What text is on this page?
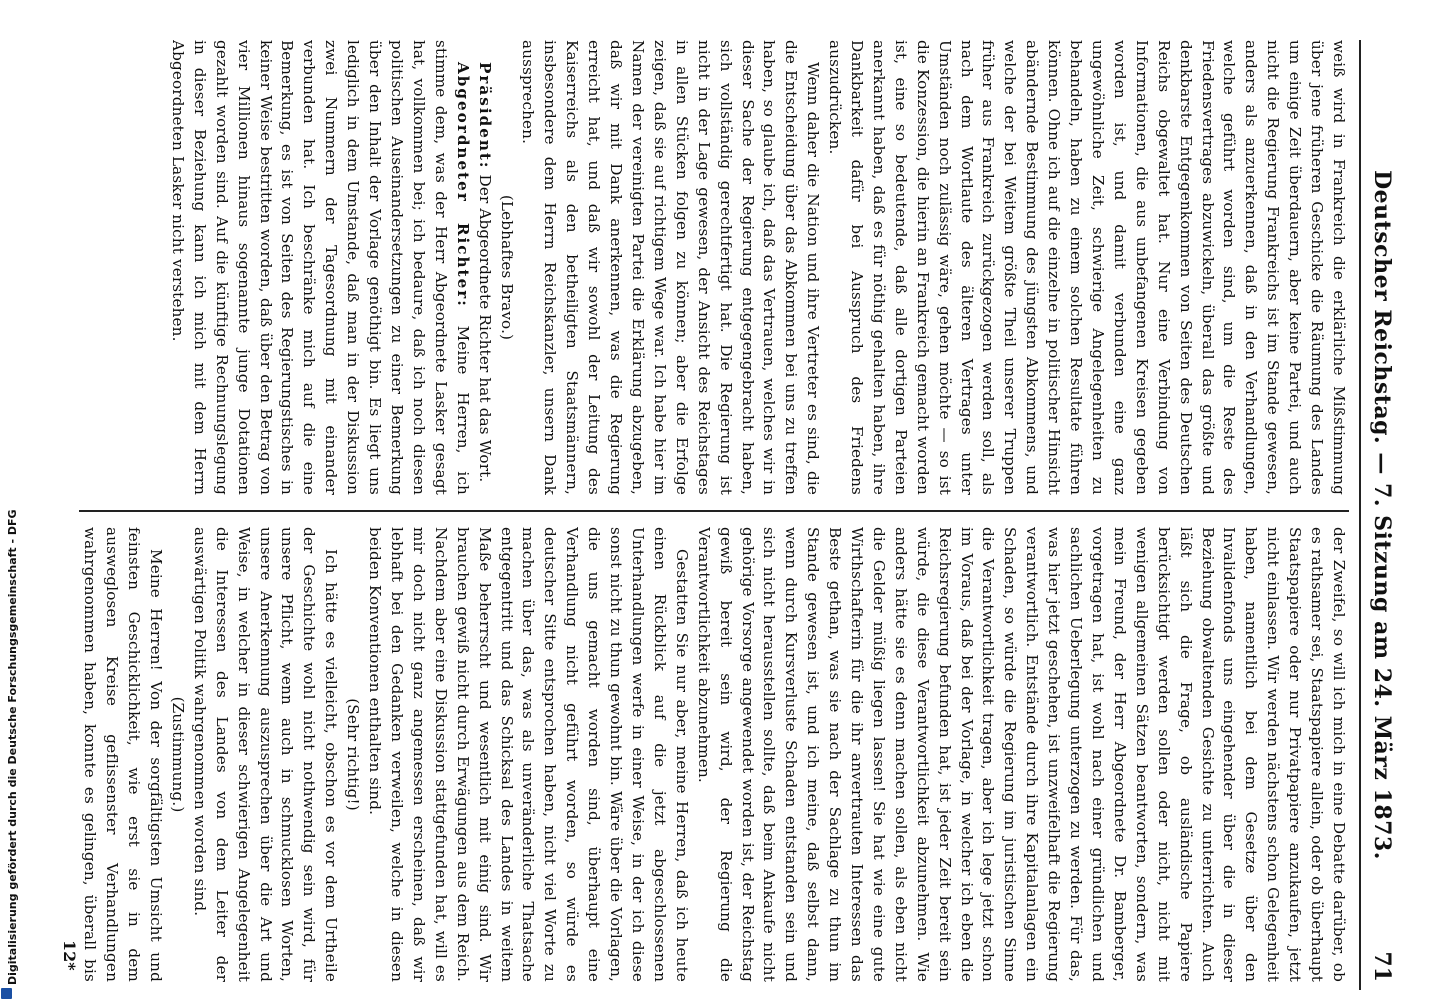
Deutscher Reichstag. — 7. Sitzung am 24. März 1873.
71

weiß wird in Frankreich die erklärliche Mißstimmung über jene früheren Geschicke die Räumung des Landes um einige Zeit überdauern, aber keine Partei, und auch nicht die Regierung Frankreichs ist im Stande gewesen, anders als anzuerkennen, daß in den Verhandlungen, welche geführt worden sind, um die Reste des Friedensvertrages abzuwickeln, überall das größte und denkbarste Entgegenkommen von Seiten des Deutschen Reichs obgewaltet hat. Nur eine Verbindung von Informationen, die aus unbefangenen Kreisen gegeben worden ist, und damit verbunden eine ganz ungewöhnliche Zeit, schwierige Angelegenheiten zu behandeln, haben zu einem solchen Resultate führen können. Ohne ich auf die einzelne in politischer Hinsicht abändernde Bestimmung des jüngsten Abkommens, und welche der bei Weitem größte Theil unserer Truppen früher aus Frankreich zurückgezogen werden soll, als nach dem Wortlaute des älteren Vertrages unter Umständen noch zulässig wäre, gehen möchte — so ist die Konzession, die hierin an Frankreich gemacht worden ist, eine so bedeutende, daß alle dortigen Parteien anerkannt haben, daß es für nöthig gehalten haben, ihre Dankbarkeit dafür bei Ausspruch des Friedens auszudrücken.

Wenn daher die Nation und ihre Vertreter es sind, die die Entscheidung über das Abkommen bei uns zu treffen haben, so glaube ich, daß das Vertrauen, welches wir in dieser Sache der Regierung entgegengebracht haben, sich vollständig gerechtfertigt hat. Die Regierung ist nicht in der Lage gewesen, der Ansicht des Reichstages in allen Stücken folgen zu können; aber die Erfolge zeigen, daß sie auf richtigem Wege war. Ich habe hier im Namen der vereinigten Partei die Erklärung abzugeben, daß wir mit Dank anerkennen, was die Regierung erreicht hat, und daß wir sowohl der Leitung des Kaiserreichs als den betheiligten Staatsmännern, insbesondere dem Herrn Reichskanzler, unsern Dank aussprechen.

(Lebhaftes Bravo.)

Präsident: Der Abgeordnete Richter hat das Wort.

Abgeordneter Richter: Meine Herren, ich stimme dem, was der Herr Abgeordnete Lasker gesagt hat, vollkommen bei; ich bedaure, daß ich noch diesen politischen Auseinandersetzungen zu einer Bemerkung über den Inhalt der Vorlage genöthigt bin. Es liegt uns lediglich in dem Umstande, daß man in der Diskussion zwei Nummern der Tagesordnung mit einander verbunden hat. Ich beschränke mich auf die eine Bemerkung, es ist von Seiten des Regierungstisches in keiner Weise bestritten worden, daß über den Betrag von vier Millionen hinaus sogenannte junge Dotationen gezahlt worden sind. Auf die künftige Rechnungslegung in dieser Beziehung kann ich mich mit dem Herrn Abgeordneten Lasker nicht verstehen.

der Zweifel, so will ich mich in eine Debatte darüber, ob es rathsamer sei, Staatspapiere allein, oder ob überhaupt Staatspapiere oder nur Privatpapiere anzukaufen, jetzt nicht einlassen. Wir werden nächstens schon Gelegenheit haben, namentlich bei dem Gesetze über den Invalidenfonds uns eingehender über die in dieser Beziehung obwaltenden Gesichte zu unterrichten. Auch läßt sich die Frage, ob ausländische Papiere berücksichtigt werden sollen oder nicht, nicht mit wenigen allgemeinen Sätzen beantworten, sondern, was mein Freund, der Herr Abgeordnete Dr. Bamberger, vorgetragen hat, ist wohl nach einer gründlichen und sachlichen Ueberlegung unterzogen zu werden. Für das, was hier jetzt geschehen, ist unzweifelhaft die Regierung verantwortlich. Entstände durch ihre Kapitalanlagen ein Schaden, so würde die Regierung im juristischen Sinne die Verantwortlichkeit tragen, aber ich lege jetzt schon im Voraus, daß bei der Vorlage, in welcher ich eben die Reichsregierung befunden hat, ist jeder Zeit bereit sein würde, die diese Verantwortlichkeit abzunehmen. Wie anders hätte sie es denn machen sollen, als eben nicht die Gelder müßig liegen lassen! Sie hat wie eine gute Wirthschafterin für die ihr anvertrauten Interessen das Beste gethan, was sie nach der Sachlage zu thun im Stande gewesen ist, und ich meine, daß selbst dann, wenn durch Kursverluste Schaden entstanden sein und sich nicht herausstellen sollte, daß beim Ankaufe nicht gehörige Vorsorge angewendet worden ist, der Reichstag gewiß bereit sein wird, der Regierung die Verantwortlichkeit abzunehmen.

Gestatten Sie nur aber, meine Herren, daß ich heute einen Rückblick auf die jetzt abgeschlossenen Unterhandlungen werfe in einer Weise, in der ich diese sonst nicht zu thun gewohnt bin. Wäre über die Vorlagen, die uns gemacht worden sind, überhaupt eine Verhandlung nicht geführt worden, so würde es deutscher Sitte entsprochen haben, nicht viel Worte zu machen über das, was als unveränderliche Thatsache entgegentritt und das Schicksal des Landes in weitem Maße beherrscht und wesentlich mit einig sind. Wir brauchen gewiß nicht durch Erwägungen aus dem Reich. Nachdem aber eine Diskussion stattgefunden hat, will es mir doch nicht ganz angemessen erscheinen, daß wir lebhaft bei den Gedanken verweilen, welche in diesen beiden Konventionen enthalten sind.

(Sehr richtig!)

Ich hätte es vielleicht, obschon es vor dem Urtheile der Geschichte wohl nicht nothwendig sein wird, für unsere Pflicht, wenn auch in schmucklosen Worten, unsere Anerkennung auszusprechen über die Art und Weise, in welcher in dieser schwierigen Angelegenheit die Interessen des Landes von dem Leiter der auswärtigen Politik wahrgenommen worden sind.

(Zustimmung.)

Meine Herren! Von der sorgfältigsten Umsicht und feinsten Geschicklichkeit, wie erst sie in dem ausweglosen Kreise geflissenster Verhandlungen wahrgenommen haben, konnte es gelingen, überall bis

12*
Digitalisierung gefördert durch die Deutsche Forschungsgemeinschaft - DFG
